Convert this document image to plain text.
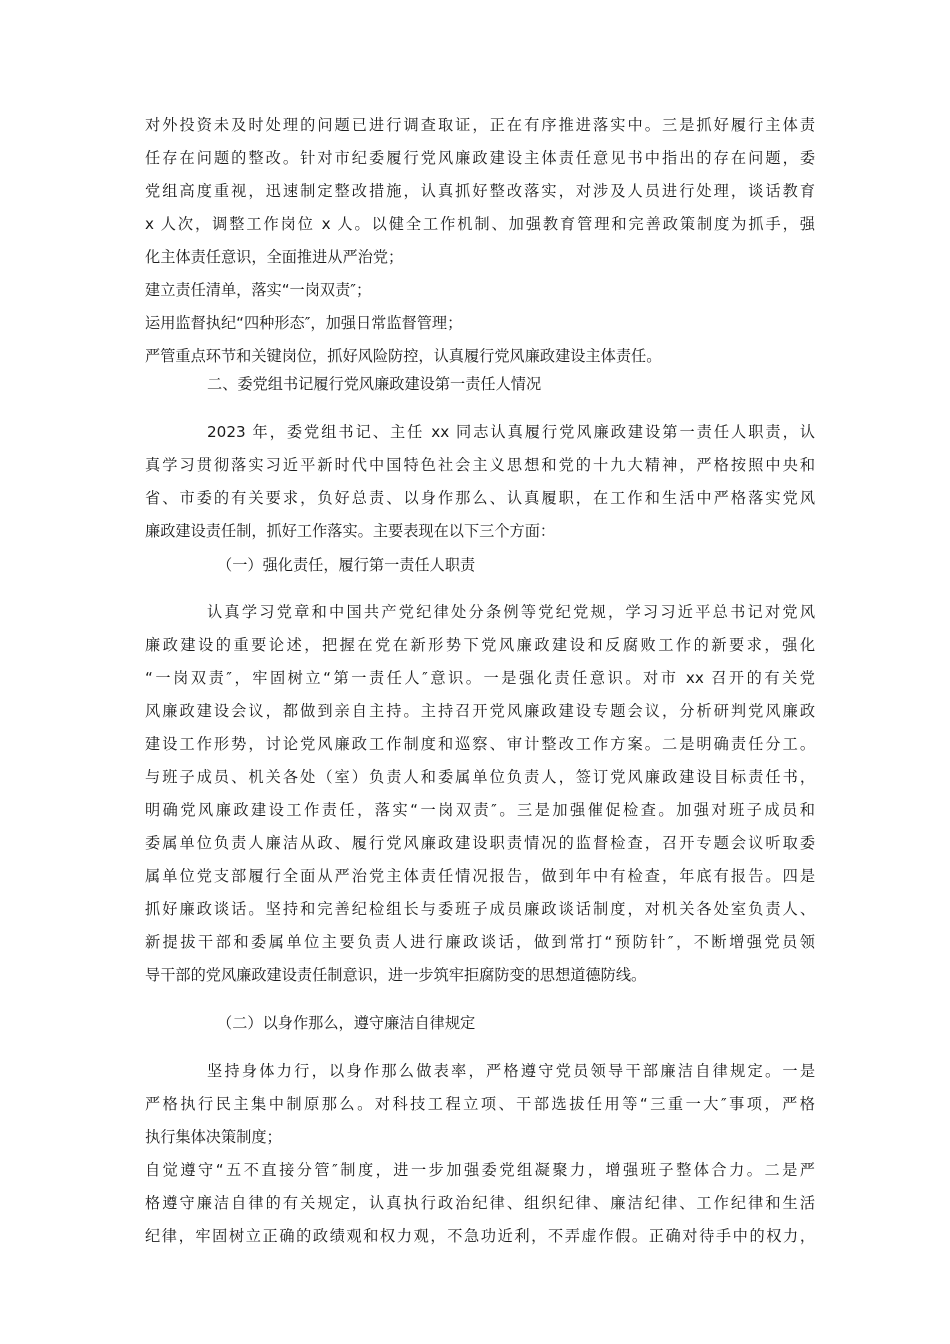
对外投资未及时处理的问题已进行调查取证，正在有序推进落实中。三是抓好履行主体责
任存在问题的整改。针对市纪委履行党风廉政建设主体责任意见书中指出的存在问题，委
党组高度重视，迅速制定整改措施，认真抓好整改落实，对涉及人员进行处理，谈话教育
x 人次，调整工作岗位 x 人。以健全工作机制、加强教育管理和完善政策制度为抓手，强
化主体责任意识，全面推进从严治党；
建立责任清单，落实“一岗双责″；
运用监督执纪“四种形态″，加强日常监督管理；
严管重点环节和关键岗位，抓好风险防控，认真履行党风廉政建设主体责任。
二、委党组书记履行党风廉政建设第一责任人情况
2023 年，委党组书记、主任 xx 同志认真履行党风廉政建设第一责任人职责，认
真学习贯彻落实习近平新时代中国特色社会主义思想和党的十九大精神，严格按照中央和
省、市委的有关要求，负好总责、以身作那么、认真履职，在工作和生活中严格落实党风
廉政建设责任制，抓好工作落实。主要表现在以下三个方面：
（一）强化责任，履行第一责任人职责
认真学习党章和中国共产党纪律处分条例等党纪党规，学习习近平总书记对党风
廉政建设的重要论述，把握在党在新形势下党风廉政建设和反腐败工作的新要求，强化
“一岗双责″，牢固树立“第一责任人″意识。一是强化责任意识。对市 xx 召开的有关党
风廉政建设会议，都做到亲自主持。主持召开党风廉政建设专题会议，分析研判党风廉政
建设工作形势，讨论党风廉政工作制度和巡察、审计整改工作方案。二是明确责任分工。
与班子成员、机关各处（室）负责人和委属单位负责人，签订党风廉政建设目标责任书，
明确党风廉政建设工作责任，落实“一岗双责″。三是加强催促检查。加强对班子成员和
委属单位负责人廉洁从政、履行党风廉政建设职责情况的监督检查，召开专题会议听取委
属单位党支部履行全面从严治党主体责任情况报告，做到年中有检查，年底有报告。四是
抓好廉政谈话。坚持和完善纪检组长与委班子成员廉政谈话制度，对机关各处室负责人、
新提拔干部和委属单位主要负责人进行廉政谈话，做到常打“预防针″，不断增强党员领
导干部的党风廉政建设责任制意识，进一步筑牢拒腐防变的思想道德防线。
（二）以身作那么，遵守廉洁自律规定
坚持身体力行，以身作那么做表率，严格遵守党员领导干部廉洁自律规定。一是
严格执行民主集中制原那么。对科技工程立项、干部选拔任用等“三重一大″事项，严格
执行集体决策制度；
自觉遵守“五不直接分管″制度，进一步加强委党组凝聚力，增强班子整体合力。二是严
格遵守廉洁自律的有关规定，认真执行政治纪律、组织纪律、廉洁纪律、工作纪律和生活
纪律，牢固树立正确的政绩观和权力观，不急功近利，不弄虚作假。正确对待手中的权力，
